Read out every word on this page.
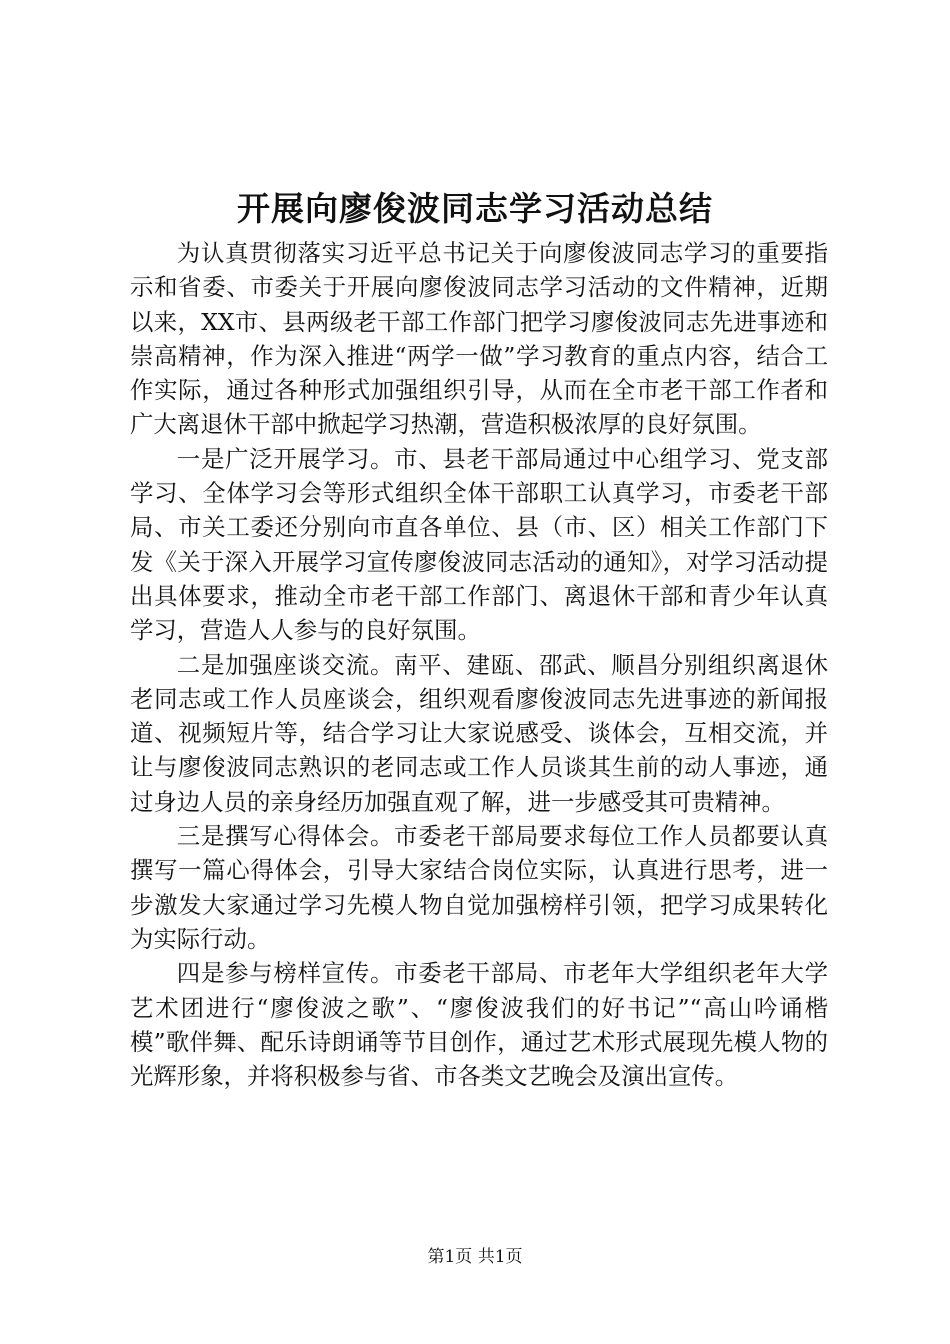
开展向廖俊波同志学习活动总结

为认真贯彻落实习近平总书记关于向廖俊波同志学习的重要指示和省委、市委关于开展向廖俊波同志学习活动的文件精神，近期以来，XX市、县两级老干部工作部门把学习廖俊波同志先进事迹和崇高精神，作为深入推进“两学一做”学习教育的重点内容，结合工作实际，通过各种形式加强组织引导，从而在全市老干部工作者和广大离退休干部中掀起学习热潮，营造积极浓厚的良好氛围。

一是广泛开展学习。市、县老干部局通过中心组学习、党支部学习、全体学习会等形式组织全体干部职工认真学习，市委老干部局、市关工委还分别向市直各单位、县（市、区）相关工作部门下发《关于深入开展学习宣传廖俊波同志活动的通知》，对学习活动提出具体要求，推动全市老干部工作部门、离退休干部和青少年认真学习，营造人人参与的良好氛围。

二是加强座谈交流。南平、建瓯、邵武、顺昌分别组织离退休老同志或工作人员座谈会，组织观看廖俊波同志先进事迹的新闻报道、视频短片等，结合学习让大家说感受、谈体会，互相交流，并让与廖俊波同志熟识的老同志或工作人员谈其生前的动人事迹，通过身边人员的亲身经历加强直观了解，进一步感受其可贵精神。

三是撰写心得体会。市委老干部局要求每位工作人员都要认真撰写一篇心得体会，引导大家结合岗位实际，认真进行思考，进一步激发大家通过学习先模人物自觉加强榜样引领，把学习成果转化为实际行动。

四是参与榜样宣传。市委老干部局、市老年大学组织老年大学艺术团进行“廖俊波之歌”、“廖俊波我们的好书记”“高山吟诵楷模”歌伴舞、配乐诗朗诵等节目创作，通过艺术形式展现先模人物的光辉形象，并将积极参与省、市各类文艺晚会及演出宣传。

第1页 共1页
